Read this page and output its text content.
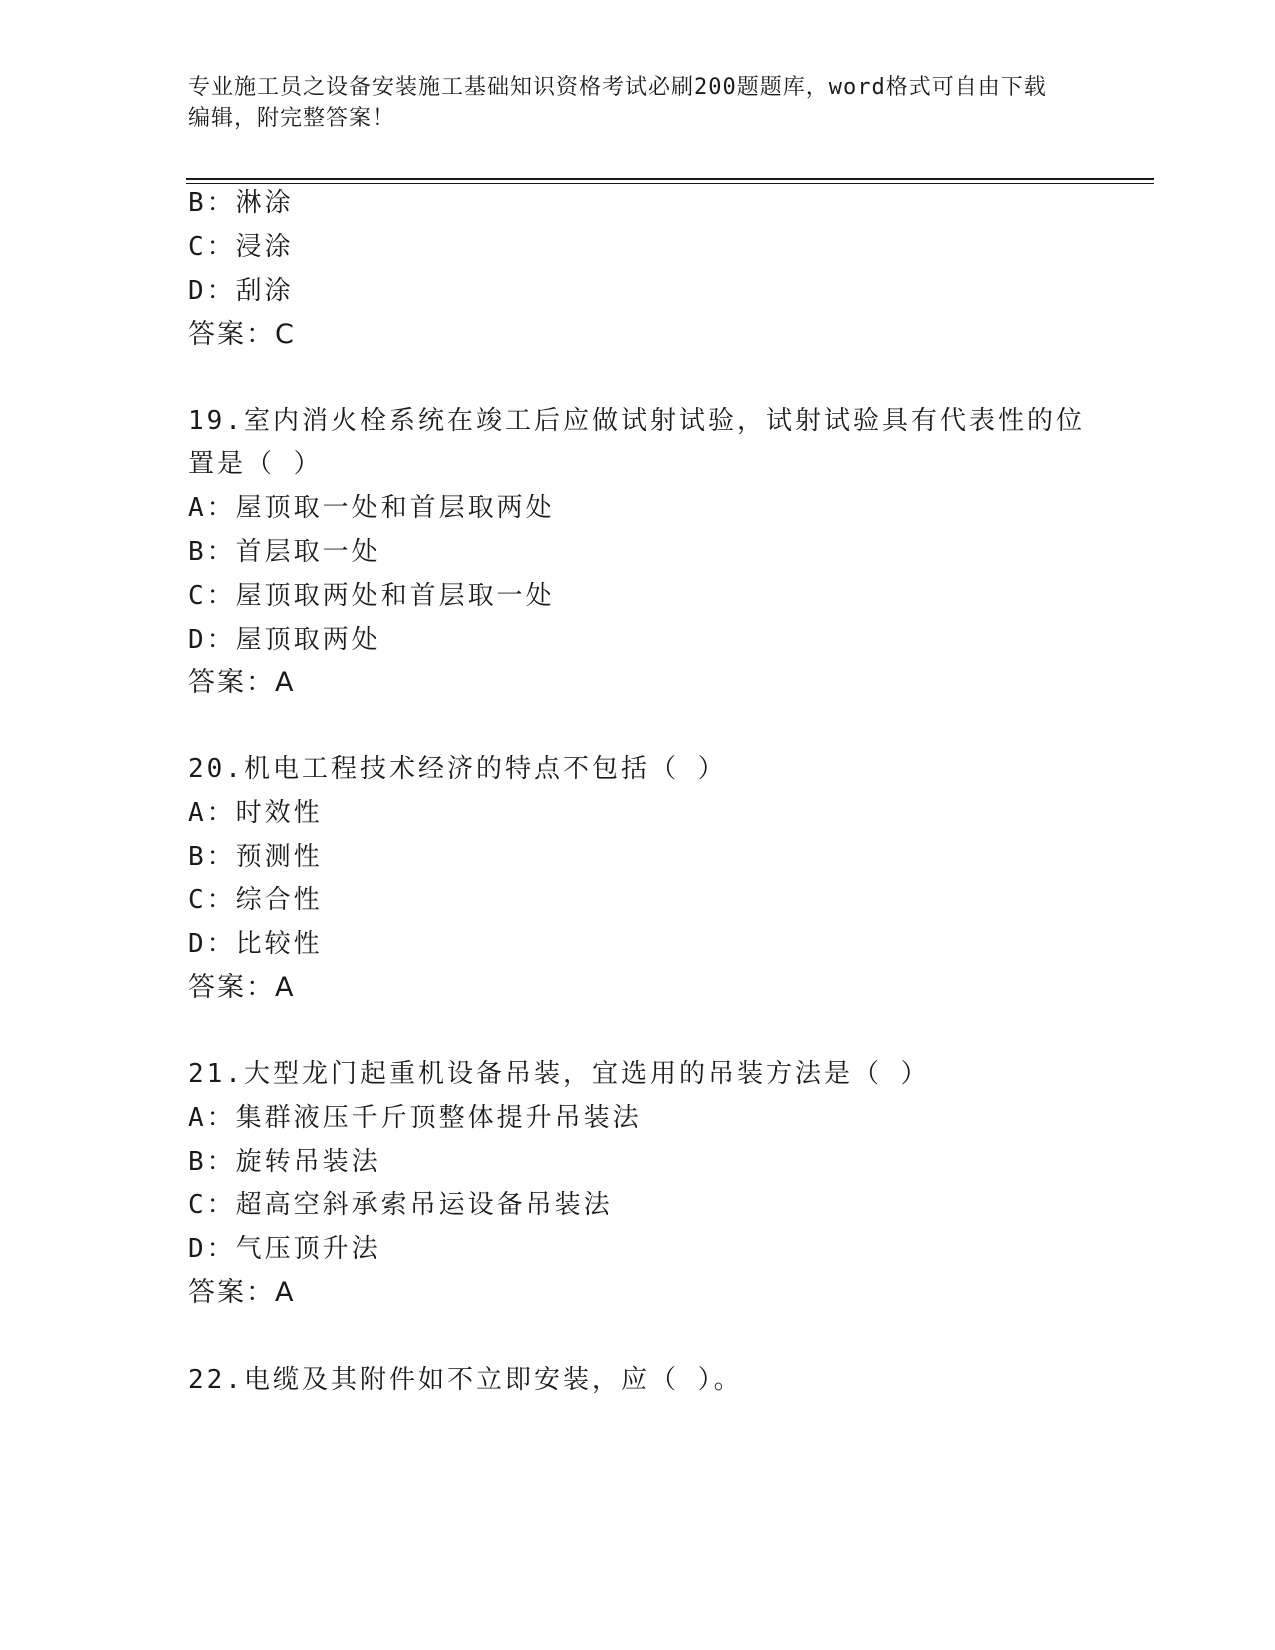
专业施工员之设备安装施工基础知识资格考试必刷200题题库，word格式可自由下载编辑，附完整答案！
B：淋涂
C：浸涂
D：刮涂
答案：C
19.室内消火栓系统在竣工后应做试射试验，试射试验具有代表性的位置是（ ）
A：屋顶取一处和首层取两处
B：首层取一处
C：屋顶取两处和首层取一处
D：屋顶取两处
答案：A
20.机电工程技术经济的特点不包括（ ）
A：时效性
B：预测性
C：综合性
D：比较性
答案：A
21.大型龙门起重机设备吊装，宜选用的吊装方法是（ ）
A：集群液压千斤顶整体提升吊装法
B：旋转吊装法
C：超高空斜承索吊运设备吊装法
D：气压顶升法
答案：A
22.电缆及其附件如不立即安装，应（ ）。
